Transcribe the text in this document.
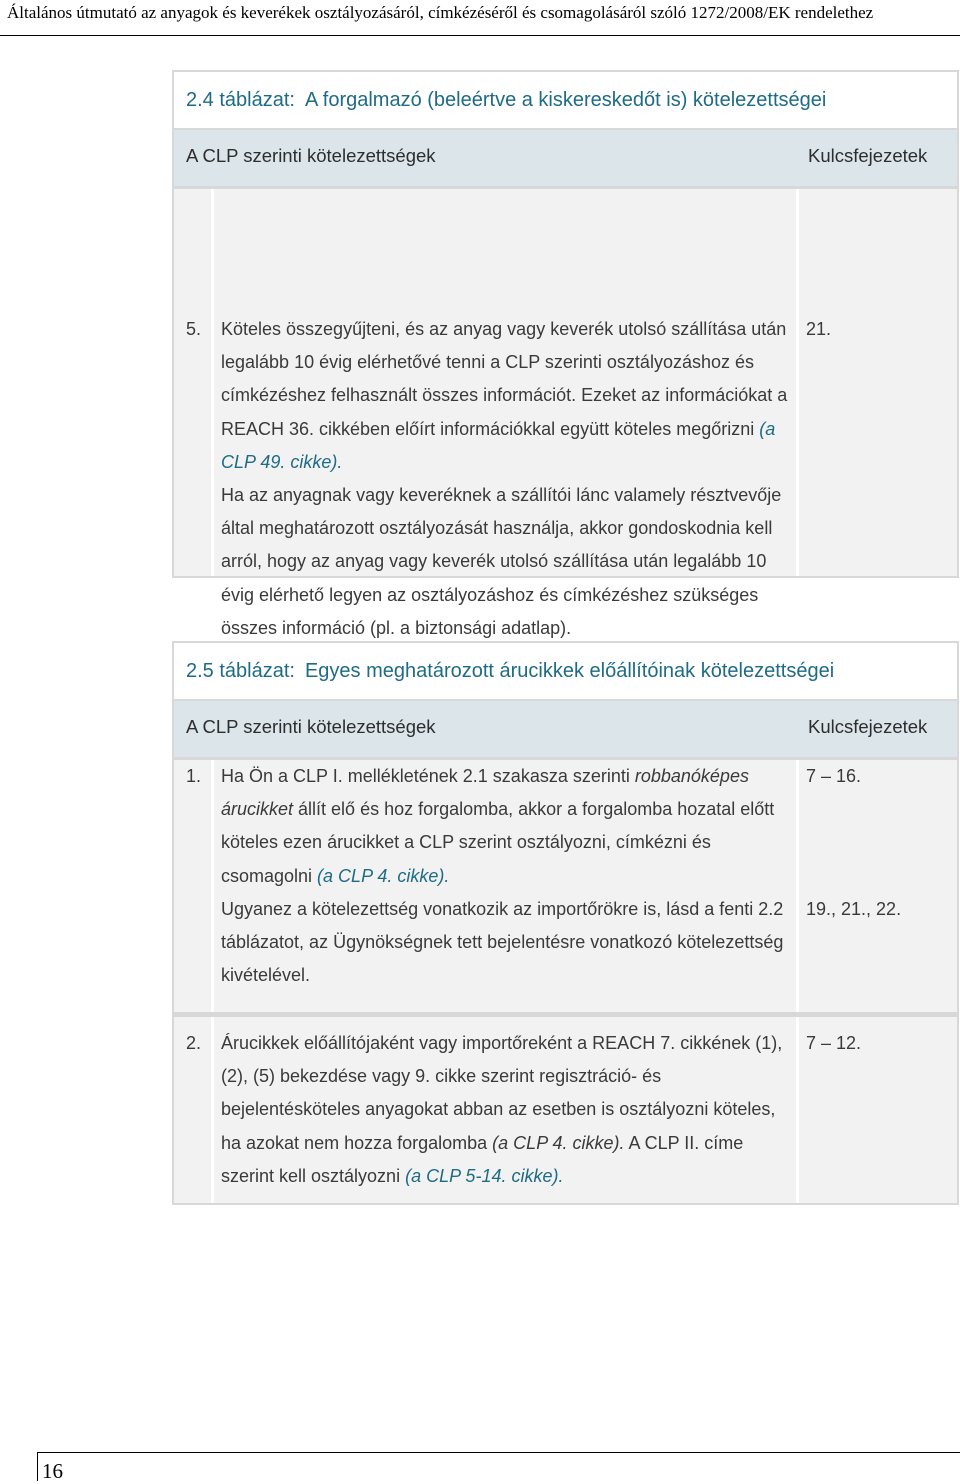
Általános útmutató az anyagok és keverékek osztályozásáról, címkézéséről és csomagolásáról szóló 1272/2008/EK rendelethez
2.4 táblázat: A forgalmazó (beleértve a kiskereskedőt is) kötelezettségei
A CLP szerinti kötelezettségek	Kulcsfejezetek
5. Köteles összegyűjteni, és az anyag vagy keverék utolsó szállítása után legalább 10 évig elérhetővé tenni a CLP szerinti osztályozáshoz és címkézéshez felhasznált összes információt. Ezeket az információkat a REACH 36. cikkében előírt információkkal együtt köteles megőrizni (a CLP 49. cikke).
Ha az anyagnak vagy keveréknek a szállítói lánc valamely résztvevője által meghatározott osztályozását használja, akkor gondoskodnia kell arról, hogy az anyag vagy keverék utolsó szállítása után legalább 10 évig elérhető legyen az osztályozáshoz és címkézéshez szükséges összes információ (pl. a biztonsági adatlap).
21.
2.5 táblázat: Egyes meghatározott árucikkek előállítóinak kötelezettségei
A CLP szerinti kötelezettségek	Kulcsfejezetek
1. Ha Ön a CLP I. mellékletének 2.1 szakasza szerinti robbanóképes árucikket állít elő és hoz forgalomba, akkor a forgalomba hozatal előtt köteles ezen árucikket a CLP szerint osztályozni, címkézni és csomagolni (a CLP 4. cikke).
Ugyanez a kötelezettség vonatkozik az importőrökre is, lásd a fenti 2.2 táblázatot, az Ügynökségnek tett bejelentésre vonatkozó kötelezettség kivételével.
7 – 16.
19., 21., 22.
2. Árucikkek előállítójaként vagy importőreként a REACH 7. cikkének (1), (2), (5) bekezdése vagy 9. cikke szerint regisztráció- és bejelentésköteles anyagokat abban az esetben is osztályozni köteles, ha azokat nem hozza forgalomba (a CLP 4. cikke). A CLP II. címe szerint kell osztályozni (a CLP 5-14. cikke).
7 – 12.
16
